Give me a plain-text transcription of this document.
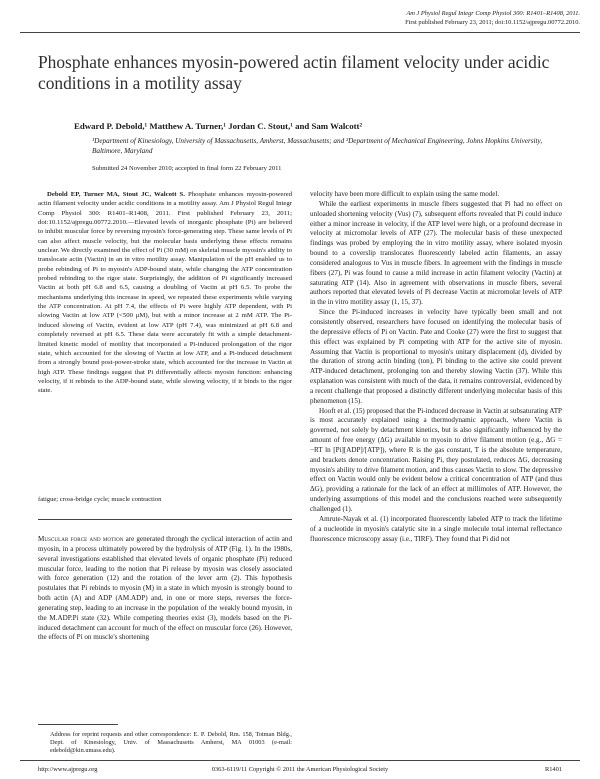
Am J Physiol Regul Integr Comp Physiol 300: R1401–R1408, 2011.
First published February 23, 2011; doi:10.1152/ajpregu.00772.2010.
Phosphate enhances myosin-powered actin filament velocity under acidic conditions in a motility assay
Edward P. Debold,¹ Matthew A. Turner,¹ Jordan C. Stout,¹ and Sam Walcott²
¹Department of Kinesiology, University of Massachusetts, Amherst, Massachusetts; and ²Department of Mechanical Engineering, Johns Hopkins University, Baltimore, Maryland
Submitted 24 November 2010; accepted in final form 22 February 2011

Debold EP, Turner MA, Stout JC, Walcott S. Phosphate enhances myosin-powered actin filament velocity under acidic conditions in a motility assay. Am J Physiol Regul Integr Comp Physiol 300: R1401–R1408, 2011. First published February 23, 2011; doi:10.1152/ajpregu.00772.2010.—Elevated levels of inorganic phosphate (Pi) are believed to inhibit muscular force by reversing myosin's force-generating step. These same levels of Pi can also affect muscle velocity, but the molecular basis underlying these effects remains unclear. We directly examined the effect of Pi (30 mM) on skeletal muscle myosin's ability to translocate actin (Vactin) in an in vitro motility assay. Manipulation of the pH enabled us to probe rebinding of Pi to myosin's ADP-bound state, while changing the ATP concentration probed rebinding to the rigor state. Surprisingly, the addition of Pi significantly increased Vactin at both pH 6.8 and 6.5, causing a doubling of Vactin at pH 6.5. To probe the mechanisms underlying this increase in speed, we repeated these experiments while varying the ATP concentration. At pH 7.4, the effects of Pi were highly ATP dependent, with Pi slowing Vactin at low ATP (<500 μM), but with a minor increase at 2 mM ATP. The Pi-induced slowing of Vactin, evident at low ATP (pH 7.4), was minimized at pH 6.8 and completely reversed at pH 6.5. These data were accurately fit with a simple detachment-limited kinetic model of motility that incorporated a Pi-induced prolongation of the rigor state, which accounted for the slowing of Vactin at low ATP, and a Pi-induced detachment from a strongly bound post-power-stroke state, which accounted for the increase in Vactin at high ATP. These findings suggest that Pi differentially affects myosin function: enhancing velocity, if it rebinds to the ADP-bound state, while slowing velocity, if it binds to the rigor state.

fatigue; cross-bridge cycle; muscle contraction

Muscular force and motion are generated through the cyclical interaction of actin and myosin, in a process ultimately powered by the hydrolysis of ATP (Fig. 1). In the 1980s, several investigations established that elevated levels of organic phosphate (Pi) reduced muscular force, leading to the notion that Pi release by myosin was closely associated with force generation (12) and the rotation of the lever arm (2). This hypothesis postulates that Pi rebinds to myosin (M) in a state in which myosin is strongly bound to both actin (A) and ADP (AM.ADP) and, in one or more steps, reverses the force-generating step, leading to an increase in the population of the weakly bound myosin, in the M.ADP.Pi state (32). While competing theories exist (3), models based on the Pi-induced detachment can account for much of the effect on muscular force (26). However, the effects of Pi on muscle's shortening

Address for reprint requests and other correspondence: E. P. Debold, Rm. 158, Totman Bldg., Dept. of Kinesiology, Univ. of Massachusetts Amherst, MA 01003 (e-mail: edebold@kin.umass.edu).

velocity have been more difficult to explain using the same model.

While the earliest experiments in muscle fibers suggested that Pi had no effect on unloaded shortening velocity (Vus) (7), subsequent efforts revealed that Pi could induce either a minor increase in velocity, if the ATP level were high, or a profound decrease in velocity at micromolar levels of ATP (27). The molecular basis of these unexpected findings was probed by employing the in vitro motility assay, where isolated myosin bound to a coverslip translocates fluorescently labeled actin filaments, an assay considered analogous to Vus in muscle fibers. In agreement with the findings in muscle fibers (27), Pi was found to cause a mild increase in actin filament velocity (Vactin) at saturating ATP (14). Also in agreement with observations in muscle fibers, several authors reported that elevated levels of Pi decrease Vactin at micromolar levels of ATP in the in vitro motility assay (1, 15, 37).

Since the Pi-induced increases in velocity have typically been small and not consistently observed, researchers have focused on identifying the molecular basis of the depressive effects of Pi on Vactin. Pate and Cooke (27) were the first to suggest that this effect was explained by Pi competing with ATP for the active site of myosin. Assuming that Vactin is proportional to myosin's unitary displacement (d), divided by the duration of strong actin binding (ton), Pi binding to the active site could prevent ATP-induced detachment, prolonging ton and thereby slowing Vactin (37). While this explanation was consistent with much of the data, it remains controversial, evidenced by a recent challenge that proposed a distinctly different underlying molecular basis of this phenomenon (15).

Hooft et al. (15) proposed that the Pi-induced decrease in Vactin at subsaturating ATP is most accurately explained using a thermodynamic approach, where Vactin is governed, not solely by detachment kinetics, but is also significantly influenced by the amount of free energy (ΔG) available to myosin to drive filament motion (e.g., ΔG = −RT ln [Pi][ADP]/[ATP]), where R is the gas constant, T is the absolute temperature, and brackets denote concentration. Raising Pi, they postulated, reduces ΔG, decreasing myosin's ability to drive filament motion, and thus causes Vactin to slow. The depressive effect on Vactin would only be evident below a critical concentration of ATP (and thus ΔG), providing a rationale for the lack of an effect at millimoles of ATP. However, the underlying assumptions of this model and the conclusions reached were subsequently challenged (1).

Amrute-Nayak et al. (1) incorporated fluorescently labeled ATP to track the lifetime of a nucleotide in myosin's catalytic site in a single molecule total internal reflectance fluorescence microscopy assay (i.e., TIRF). They found that Pi did not

http://www.ajpregu.org	0363-6119/11 Copyright © 2011 the American Physiological Society	R1401
